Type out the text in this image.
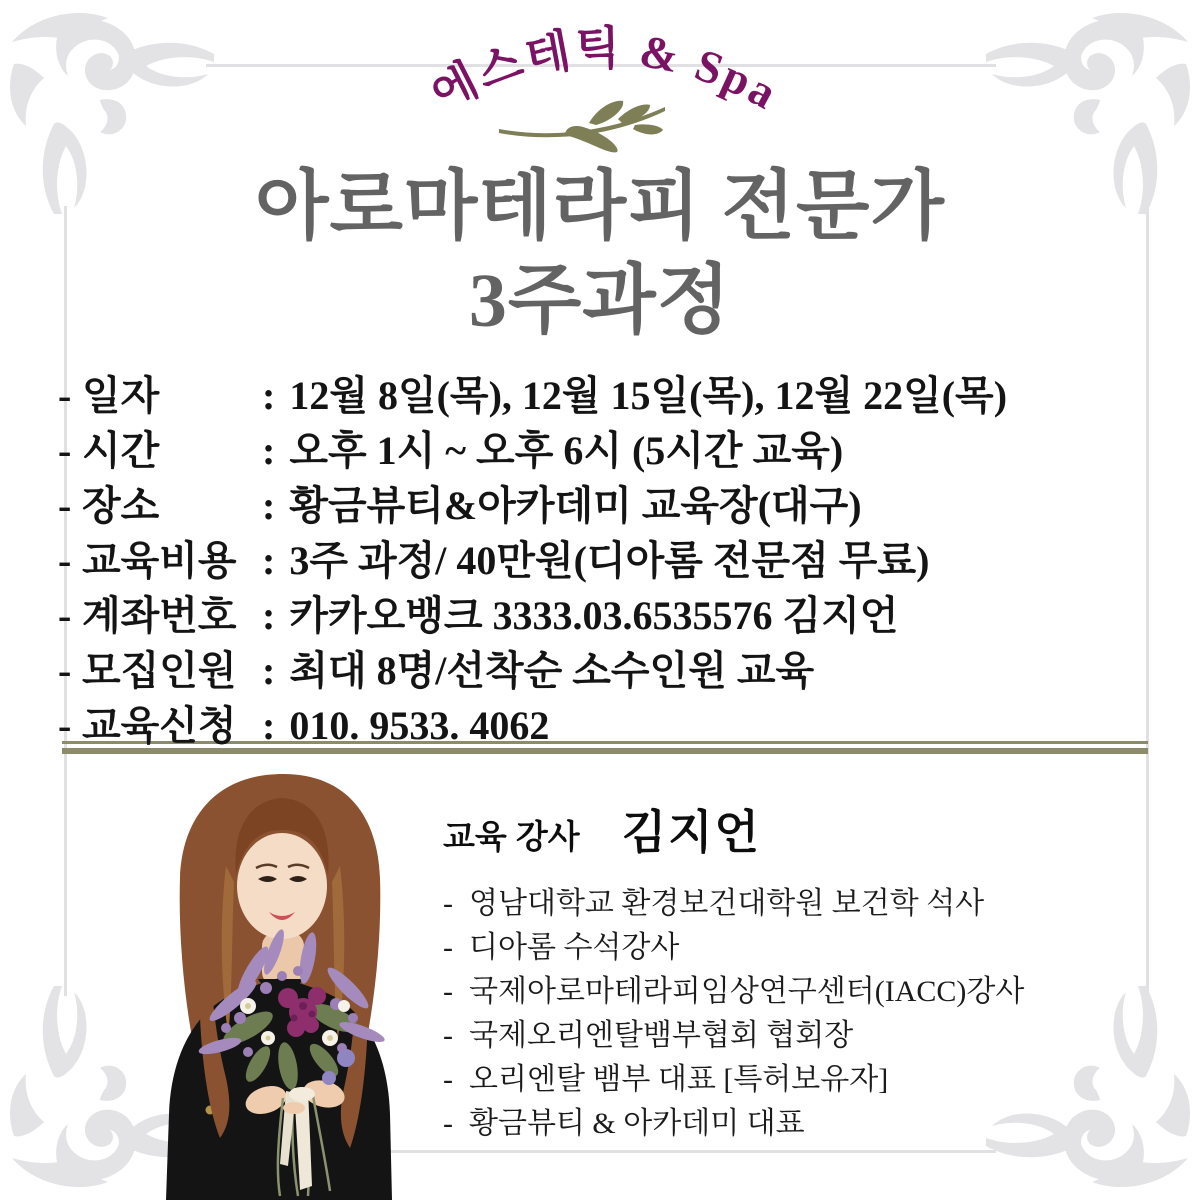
에스테틱 & Spa
아로마테라피 전문가
3주과정
- 일자	: 12월 8일(목), 12월 15일(목), 12월 22일(목)
- 시간	: 오후 1시 ~ 오후 6시 (5시간 교육)
- 장소	: 황금뷰티&아카데미 교육장(대구)
- 교육비용 : 3주 과정/ 40만원(디아롬 전문점 무료)
- 계좌번호 : 카카오뱅크 3333.03.6535576 김지언
- 모집인원 : 최대 8명/선착순 소수인원 교육
- 교육신청 : 010. 9533. 4062
교육 강사 김지언
- 영남대학교 환경보건대학원 보건학 석사
- 디아롬 수석강사
- 국제아로마테라피임상연구센터(IACC)강사
- 국제오리엔탈뱀부협회 협회장
- 오리엔탈 뱀부 대표 [특허보유자]
- 황금뷰티 & 아카데미 대표
